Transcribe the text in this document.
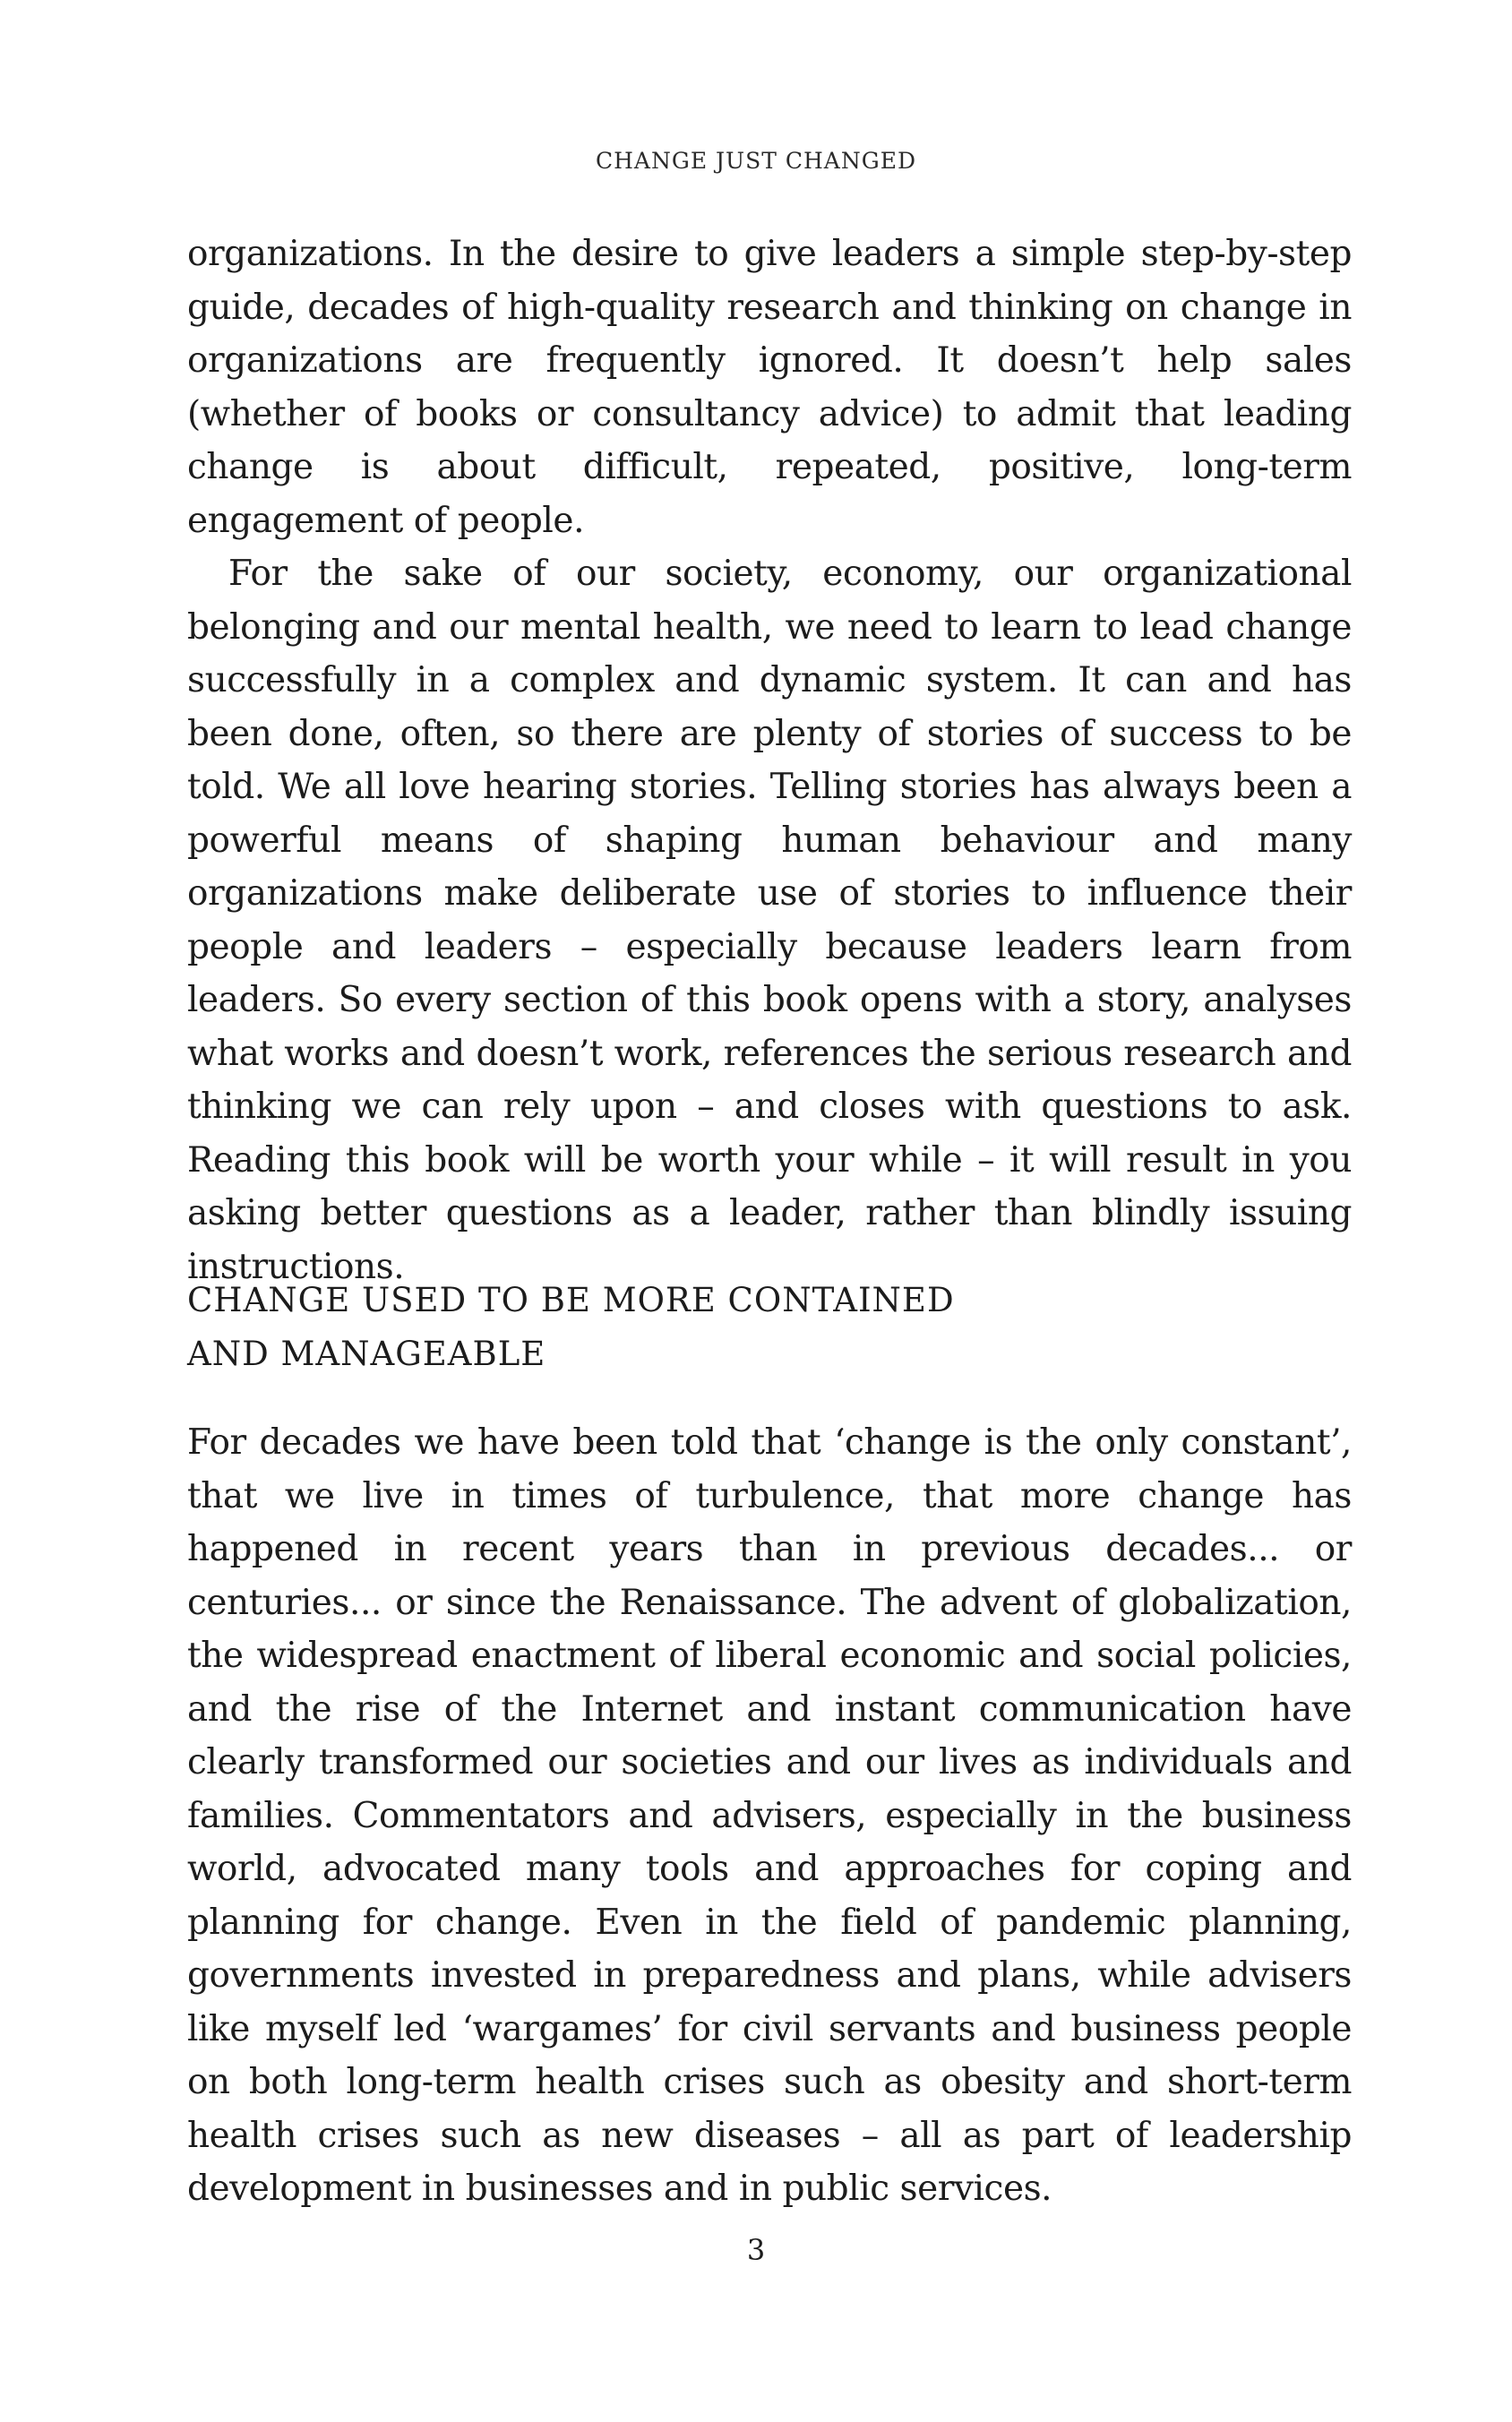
CHANGE JUST CHANGED

organizations. In the desire to give leaders a simple step-by-step guide, decades of high-quality research and thinking on change in organizations are frequently ignored. It doesn’t help sales (whether of books or consultancy advice) to admit that leading change is about difficult, repeated, positive, long-term engagement of people.

For the sake of our society, economy, our organizational belonging and our mental health, we need to learn to lead change successfully in a complex and dynamic system. It can and has been done, often, so there are plenty of stories of success to be told. We all love hearing stories. Telling stories has always been a powerful means of shaping human behaviour and many organizations make deliberate use of stories to influence their people and leaders – especially because leaders learn from leaders. So every section of this book opens with a story, analyses what works and doesn’t work, references the serious research and thinking we can rely upon – and closes with questions to ask. Reading this book will be worth your while – it will result in you asking better questions as a leader, rather than blindly issuing instructions.

CHANGE USED TO BE MORE CONTAINED
AND MANAGEABLE

For decades we have been told that ‘change is the only constant’, that we live in times of turbulence, that more change has happened in recent years than in previous decades... or centuries... or since the Renaissance. The advent of globalization, the widespread enactment of liberal economic and social policies, and the rise of the Internet and instant communication have clearly transformed our societies and our lives as individuals and families. Commentators and advisers, especially in the business world, advocated many tools and approaches for coping and planning for change. Even in the field of pandemic planning, governments invested in preparedness and plans, while advisers like myself led ‘wargames’ for civil servants and business people on both long-term health crises such as obesity and short-term health crises such as new diseases – all as part of leadership development in businesses and in public services.

3
